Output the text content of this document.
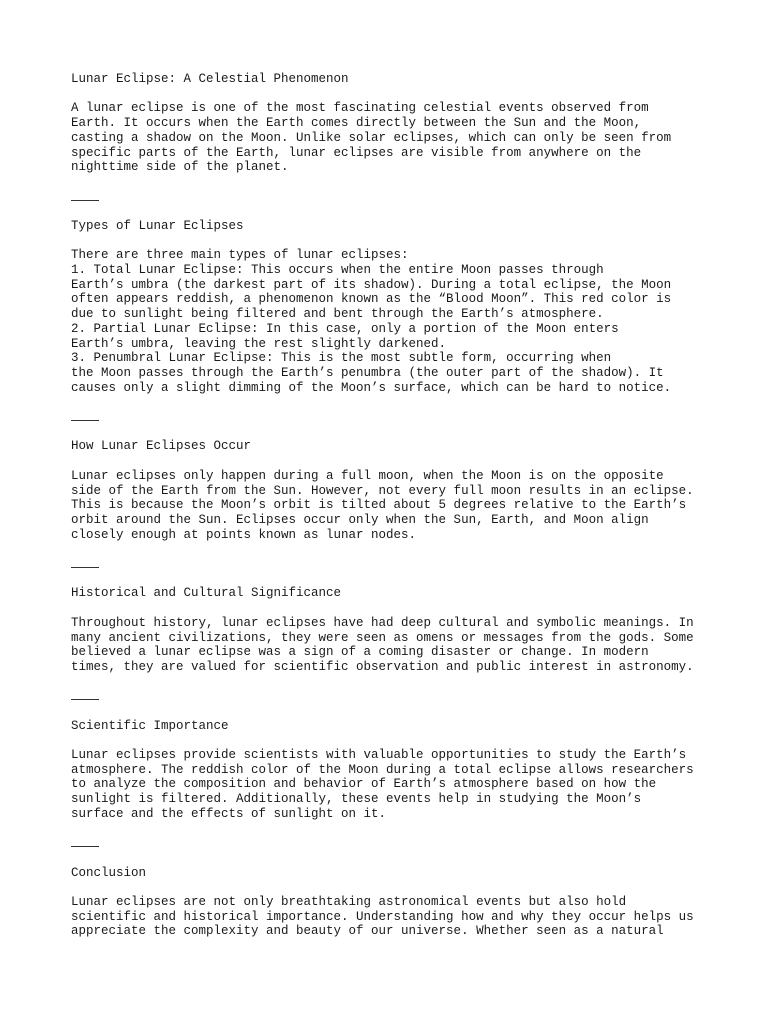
Lunar Eclipse: A Celestial Phenomenon

A lunar eclipse is one of the most fascinating celestial events observed from
Earth. It occurs when the Earth comes directly between the Sun and the Moon,
casting a shadow on the Moon. Unlike solar eclipses, which can only be seen from
specific parts of the Earth, lunar eclipses are visible from anywhere on the
nighttime side of the planet.

Types of Lunar Eclipses

There are three main types of lunar eclipses:

1. Total Lunar Eclipse: This occurs when the entire Moon passes through
Earth’s umbra (the darkest part of its shadow). During a total eclipse, the Moon
often appears reddish, a phenomenon known as the “Blood Moon”. This red color is
due to sunlight being filtered and bent through the Earth’s atmosphere.
2. Partial Lunar Eclipse: In this case, only a portion of the Moon enters
Earth’s umbra, leaving the rest slightly darkened.
3. Penumbral Lunar Eclipse: This is the most subtle form, occurring when
the Moon passes through the Earth’s penumbra (the outer part of the shadow). It
causes only a slight dimming of the Moon’s surface, which can be hard to notice.
How Lunar Eclipses Occur

Lunar eclipses only happen during a full moon, when the Moon is on the opposite
side of the Earth from the Sun. However, not every full moon results in an eclipse.
This is because the Moon’s orbit is tilted about 5 degrees relative to the Earth’s
orbit around the Sun. Eclipses occur only when the Sun, Earth, and Moon align
closely enough at points known as lunar nodes.

Historical and Cultural Significance

Throughout history, lunar eclipses have had deep cultural and symbolic meanings. In
many ancient civilizations, they were seen as omens or messages from the gods. Some
believed a lunar eclipse was a sign of a coming disaster or change. In modern
times, they are valued for scientific observation and public interest in astronomy.

Scientific Importance

Lunar eclipses provide scientists with valuable opportunities to study the Earth’s
atmosphere. The reddish color of the Moon during a total eclipse allows researchers
to analyze the composition and behavior of Earth’s atmosphere based on how the
sunlight is filtered. Additionally, these events help in studying the Moon’s
surface and the effects of sunlight on it.

Conclusion

Lunar eclipses are not only breathtaking astronomical events but also hold
scientific and historical importance. Understanding how and why they occur helps us
appreciate the complexity and beauty of our universe. Whether seen as a natural
